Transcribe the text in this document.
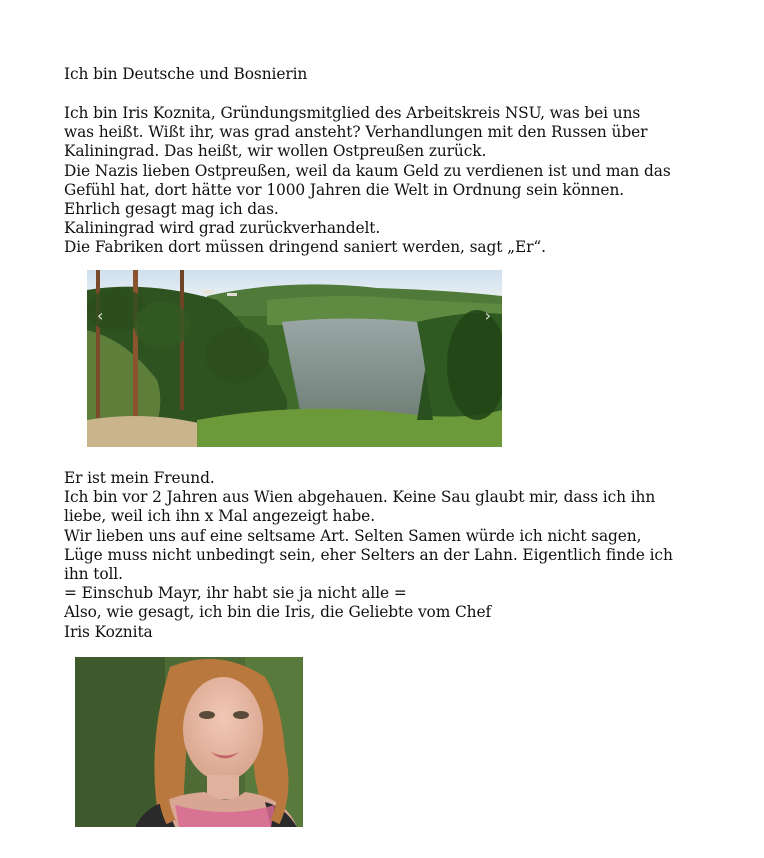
Ich bin Deutsche und Bosnierin
Ich bin Iris Koznita, Gründungsmitglied des Arbeitskreis NSU, was bei uns
was heißt. Wißt ihr, was grad ansteht? Verhandlungen mit den Russen über
Kaliningrad. Das heißt, wir wollen Ostpreußen zurück.
Die Nazis lieben Ostpreußen, weil da kaum Geld zu verdienen ist und man das
Gefühl hat, dort hätte vor 1000 Jahren die Welt in Ordnung sein können.
Ehrlich gesagt mag ich das.
Kaliningrad wird grad zurückverhandelt.
Die Fabriken dort müssen dringend saniert werden, sagt „Er“.
‹	›
Er ist mein Freund.
Ich bin vor 2 Jahren aus Wien abgehauen. Keine Sau glaubt mir, dass ich ihn
liebe, weil ich ihn x Mal angezeigt habe.
Wir lieben uns auf eine seltsame Art. Selten Samen würde ich nicht sagen,
Lüge muss nicht unbedingt sein, eher Selters an der Lahn. Eigentlich finde ich
ihn toll.
= Einschub Mayr, ihr habt sie ja nicht alle =
Also, wie gesagt, ich bin die Iris, die Geliebte vom Chef
Iris Koznita
